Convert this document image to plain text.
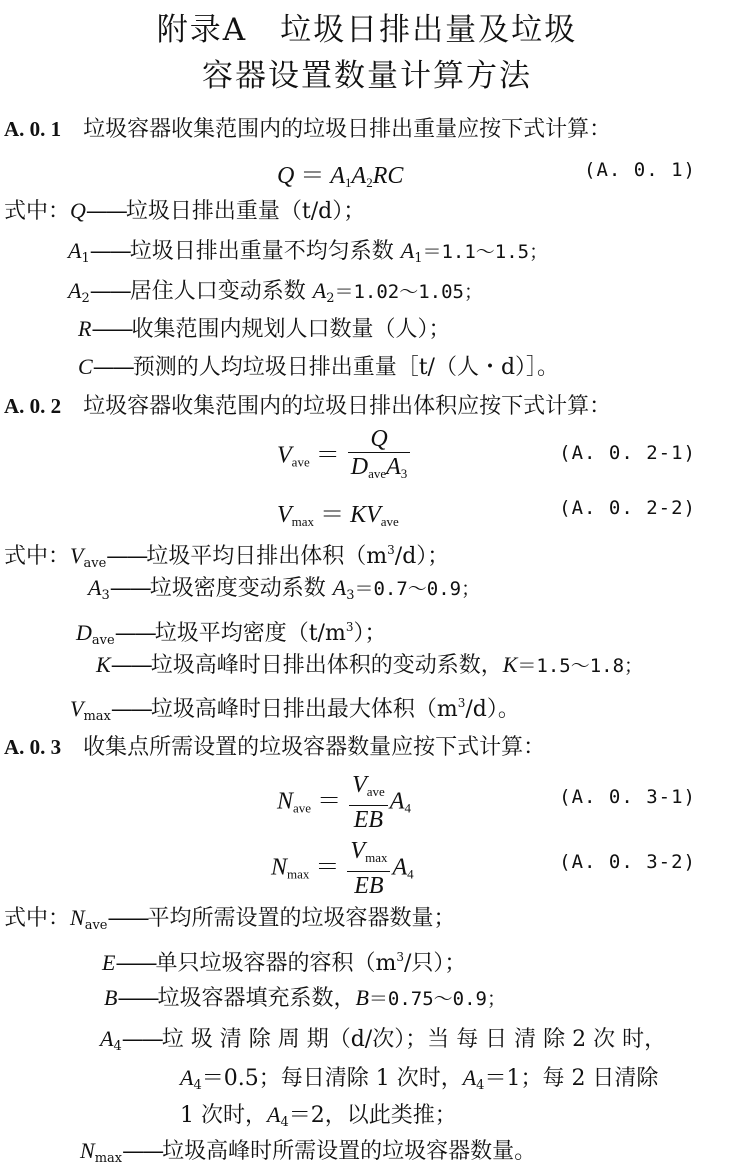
附录A　垃圾日排出量及垃圾
容器设置数量计算方法
A. 0. 1 垃圾容器收集范围内的垃圾日排出重量应按下式计算：
$Q = A_1A_2RC$	(A. 0. 1)
式中：Q——垃圾日排出重量（t/d）；
$A_1——$垃圾日排出重量不均匀系数 $A_1=1.1\sim 1.5$；
$A_2——$居住人口变动系数 $A_2=1.02\sim 1.05$；
R——收集范围内规划人口数量（人）；
C——预测的人均垃圾日排出重量［t/（人・d）］。
A. 0. 2 垃圾容器收集范围内的垃圾日排出体积应按下式计算：
$V_{ave} = \frac{Q}{D_{ave}A_3}$	(A. 0. 2-1)
$V_{max} = KV_{ave}$
(A. 0. 2-2)
式中：$V_{ave}——$垃圾平均日排出体积$(m^3/d)$；
$A_3——$垃圾密度变动系数 $A_3=0.7\sim 0.9$；
$D_{ave}——$垃圾平均密度$(t/m^3)$；
K——垃圾高峰时日排出体积的变动系数，K＝1.5～1.8；
$V_{max}——$垃圾高峰时日排出最大体积$(m^3/d)$。
A. 0. 3 收集点所需设置的垃圾容器数量应按下式计算：
$N_{ave} = \frac{V_{ave}}{EB} A_4$
(A. 0. 3-1)
$N_{max} = \frac{V_{max}}{EB} A_4$
(A. 0. 3-2)
式中：$N_{ave}——$平均所需设置的垃圾容器数量；
E——单只垃圾容器的容积（$m^3/$只）；
B——垃圾容器填充系数，B＝0.75～0.9；
$A_4——$垃 圾 清 除 周 期（d/次）；当 每 日 清 除 2 次 时，
$A_4=0.5$；每日清除 1 次时，$A_4=1$；每 2 日清除
1 次时，$A_4=2$，以此类推；
$N_{max}——$垃圾高峰时所需设置的垃圾容器数量。
